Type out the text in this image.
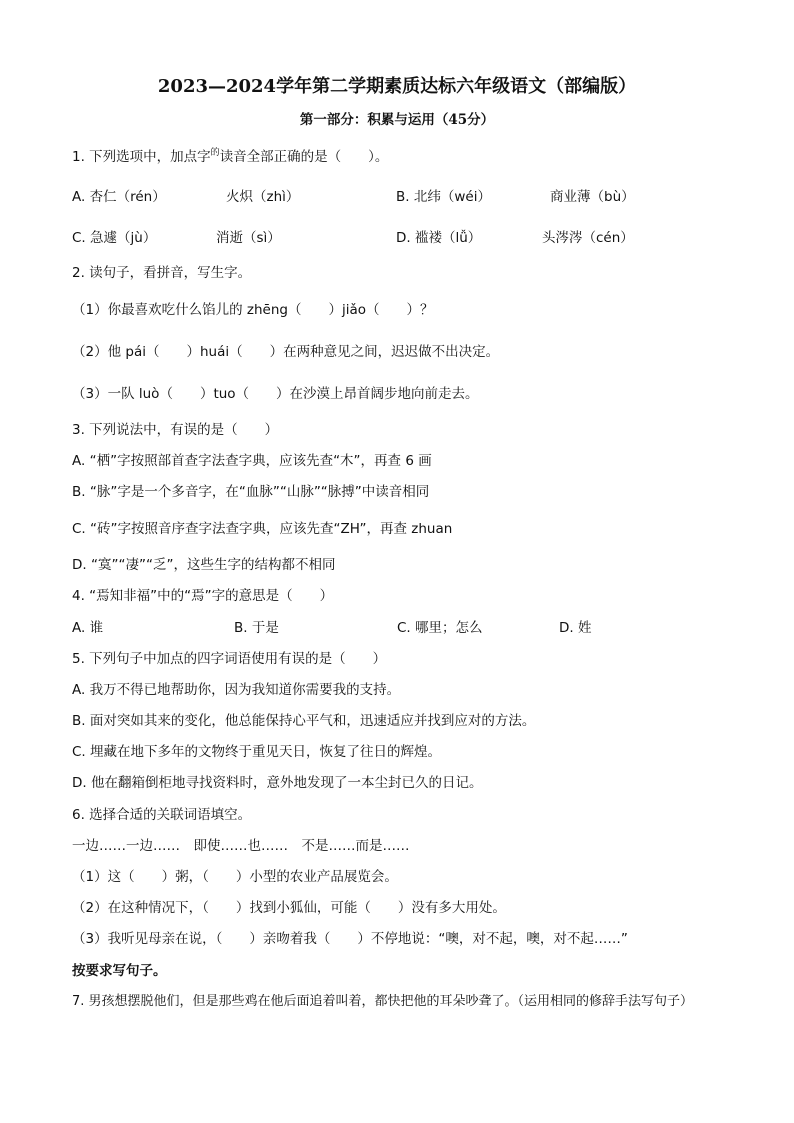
2023—2024学年第二学期素质达标六年级语文（部编版）
第一部分：积累与运用（45分）
1. 下列选项中，加点字$^的$读音全部正确的是（　　）。
A. 杏仁（rén）	火炽（zhì）	B. 北纬（wéi）	商业薄（bù）
C. 急遽（jù）	消逝（sì）	D. 褴褛（lǚ）	头涔涔（cén）
2. 读句子，看拼音，写生字。
（1）你最喜欢吃什么馅儿的 zhēng（　　）jiǎo（　　）？
（2）他 pái（　　）huái（　　）在两种意见之间，迟迟做不出决定。
（3）一队 luò（　　）tuo（　　）在沙漠上昂首阔步地向前走去。
3. 下列说法中，有误的是（　　）
A. “栖”字按照部首查字法查字典，应该先查“木”，再查 6 画
B. “脉”字是一个多音字，在“血脉”“山脉”“脉搏”中读音相同
C. “砖”字按照音序查字法查字典，应该先查“ZH”，再查 zhuan
D. “寞”“凄”“乏”，这些生字的结构都不相同
4. “焉知非福”中的“焉”字的意思是（　　）
A. 谁	B. 于是	C. 哪里；怎么	D. 姓
5. 下列句子中加点的四字词语使用有误的是（　　）
A. 我万不得已地帮助你，因为我知道你需要我的支持。
B. 面对突如其来的变化，他总能保持心平气和，迅速适应并找到应对的方法。
C. 埋藏在地下多年的文物终于重见天日，恢复了往日的辉煌。
D. 他在翻箱倒柜地寻找资料时，意外地发现了一本尘封已久的日记。
6. 选择合适的关联词语填空。
一边……一边……　即使……也……　不是……而是……
（1）这（　　）粥，（　　）小型的农业产品展览会。
（2）在这种情况下，（　　）找到小狐仙，可能（　　）没有多大用处。
（3）我听见母亲在说，（　　）亲吻着我（　　）不停地说：“噢，对不起，噢，对不起……”
按要求写句子。
7. 男孩想摆脱他们，但是那些鸡在他后面追着叫着，都快把他的耳朵吵聋了。（运用相同的修辞手法写句子）
